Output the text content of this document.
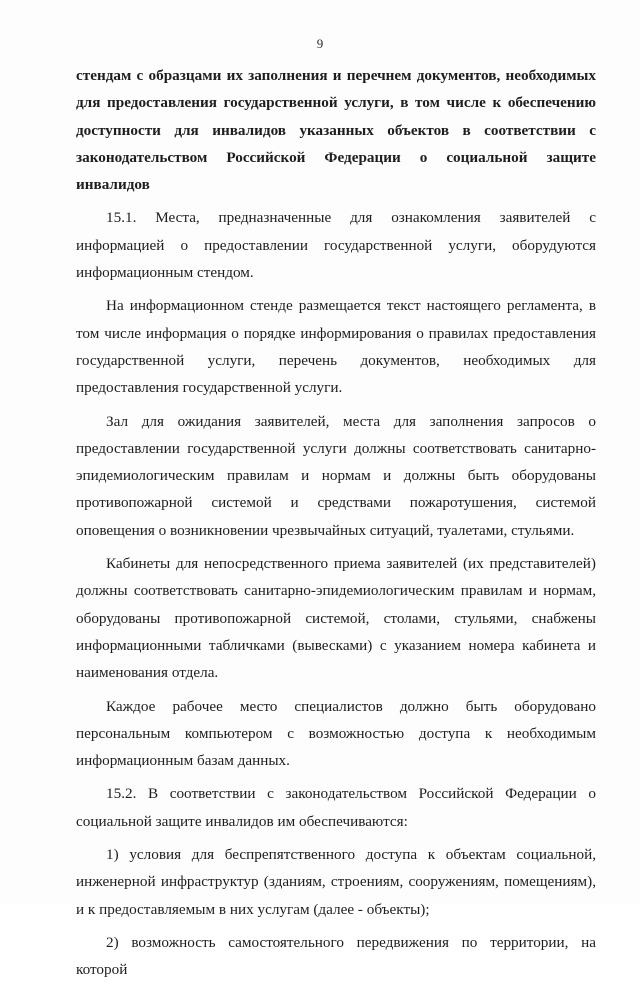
9

стендам с образцами их заполнения и перечнем документов, необходимых для предоставления государственной услуги, в том числе к обеспечению доступности для инвалидов указанных объектов в соответствии с законодательством Российской Федерации о социальной защите инвалидов

15.1. Места, предназначенные для ознакомления заявителей с информацией о предоставлении государственной услуги, оборудуются информационным стендом.

На информационном стенде размещается текст настоящего регламента, в том числе информация о порядке информирования о правилах предоставления государственной услуги, перечень документов, необходимых для предоставления государственной услуги.

Зал для ожидания заявителей, места для заполнения запросов о предоставлении государственной услуги должны соответствовать санитарно-эпидемиологическим правилам и нормам и должны быть оборудованы противопожарной системой и средствами пожаротушения, системой оповещения о возникновении чрезвычайных ситуаций, туалетами, стульями.

Кабинеты для непосредственного приема заявителей (их представителей) должны соответствовать санитарно-эпидемиологическим правилам и нормам, оборудованы противопожарной системой, столами, стульями, снабжены информационными табличками (вывесками) с указанием номера кабинета и наименования отдела.

Каждое рабочее место специалистов должно быть оборудовано персональным компьютером с возможностью доступа к необходимым информационным базам данных.

15.2. В соответствии с законодательством Российской Федерации о социальной защите инвалидов им обеспечиваются:

1) условия для беспрепятственного доступа к объектам социальной, инженерной инфраструктур (зданиям, строениям, сооружениям, помещениям), и к предоставляемым в них услугам (далее - объекты);

2) возможность самостоятельного передвижения по территории, на которой
